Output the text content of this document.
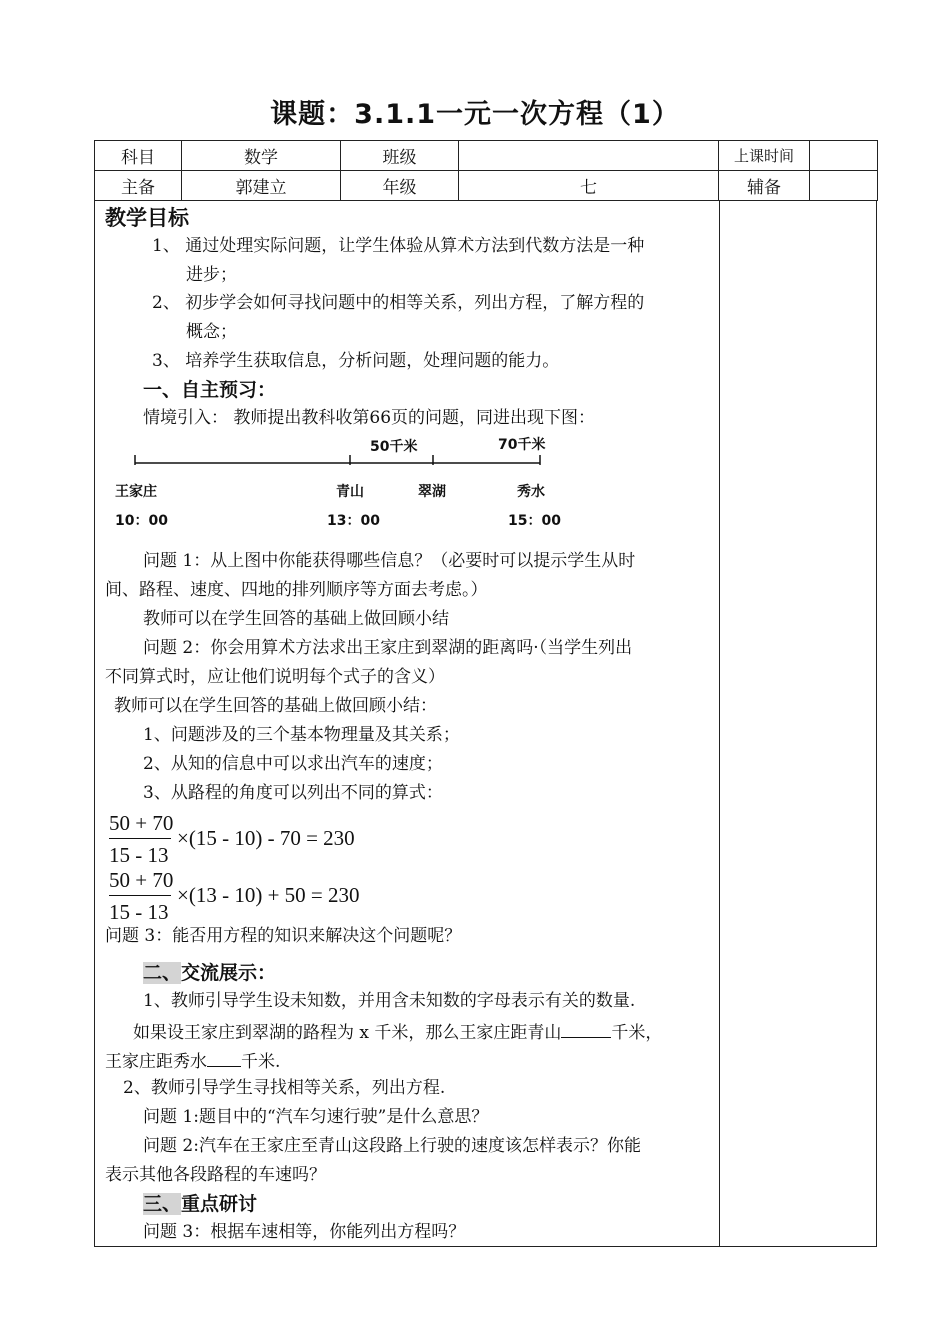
课题：3.1.1一元一次方程（1）
科目	数学	班级		上课时间	
主备	郭建立	年级	七	辅备	
教学目标
1、 通过处理实际问题，让学生体验从算术方法到代数方法是一种
进步；
2、 初步学会如何寻找问题中的相等关系，列出方程，了解方程的
概念；
3、 培养学生获取信息，分析问题，处理问题的能力。
一、自主预习：
情境引入： 教师提出教科收第66页的问题，同进出现下图：
50千米	70千米
王家庄	青山	翠湖	秀水
10：00	13：00	15：00
问题 1：从上图中你能获得哪些信息？（必要时可以提示学生从时
间、路程、速度、四地的排列顺序等方面去考虑。）
教师可以在学生回答的基础上做回顾小结
问题 2：你会用算术方法求出王家庄到翠湖的距离吗·（当学生列出
不同算式时，应让他们说明每个式子的含义）
教师可以在学生回答的基础上做回顾小结：
1、问题涉及的三个基本物理量及其关系；
2、从知的信息中可以求出汽车的速度；
3、从路程的角度可以列出不同的算式：
50 + 70
15 - 13
×(15 - 10) - 70 = 230
50 + 70
15 - 13
×(13 - 10) + 50 = 230
问题 3：能否用方程的知识来解决这个问题呢？
二、交流展示：
1、教师引导学生设未知数，并用含未知数的字母表示有关的数量.
如果设王家庄到翠湖的路程为 x 千米，那么王家庄距青山	千米，
王家庄距秀水 千米.
2、教师引导学生寻找相等关系，列出方程.
问题 1:题目中的“汽车匀速行驶”是什么意思？
问题 2:汽车在王家庄至青山这段路上行驶的速度该怎样表示？你能
表示其他各段路程的车速吗？
三、重点研讨
问题 3：根据车速相等，你能列出方程吗？
